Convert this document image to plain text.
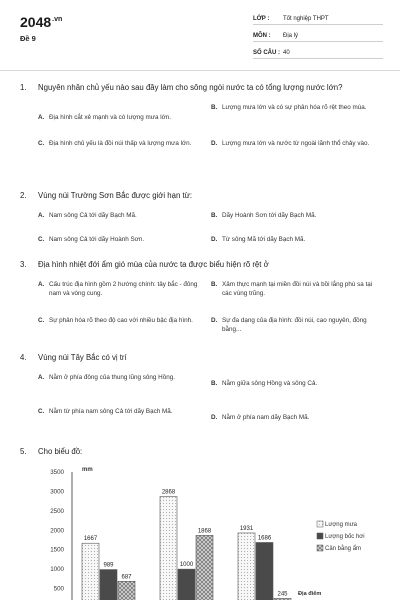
$2048^{.vn}$
Đề 9
LỚP :	Tốt nghiệp THPT
MÔN :	Địa lý
SỐ CÂU : 40
1.	Nguyên nhân chủ yếu nào sau đây làm cho sông ngòi nước ta có tổng lượng nước lớn?
A. Địa hình cắt xẻ mạnh và có lượng mưa lớn.
B. Lượng mưa lớn và có sự phân hóa rõ rệt theo mùa.
C. Địa hình chủ yếu là đồi núi thấp và lượng mưa lớn.	D. Lượng mưa lớn và nước từ ngoài lãnh thổ chảy vào.
2.	Vùng núi Trường Sơn Bắc được giới hạn từ:
A. Nam sông Cả tới dãy Bạch Mã.	B. Dãy Hoành Sơn tới dãy Bạch Mã.
C. Nam sông Cả tới dãy Hoành Sơn.	D. Từ sông Mã tới dãy Bạch Mã.
3.	Địa hình nhiệt đới ẩm gió mùa của nước ta được biểu hiện rõ rệt ở
A. Cấu trúc địa hình gồm 2 hướng chính: tây bắc - đông nam và vòng cung.
B. Xâm thực mạnh tại miền đồi núi và bồi lắng phù sa tại các vùng trũng.
C. Sự phân hóa rõ theo độ cao với nhiều bậc địa hình.	D. Sự đa dạng của địa hình: đồi núi, cao nguyên, đồng bằng...
4.	Vùng núi Tây Bắc có vị trí
A. Nằm ở phía đông của thung lũng sông Hồng.
B. Nằm giữa sông Hồng và sông Cả.
C. Nằm từ phía nam sông Cả tới dãy Bạch Mã.
D. Nằm ở phía nam dãy Bạch Mã.
5.	Cho biểu đồ:
3500
3000
2500
2000
1500
1000
500
mm
1667
989
687
2868
1000
1868	1931
1686
245
Lượng mưa
Lượng bốc hơi
Cân bằng ẩm
Địa điểm
